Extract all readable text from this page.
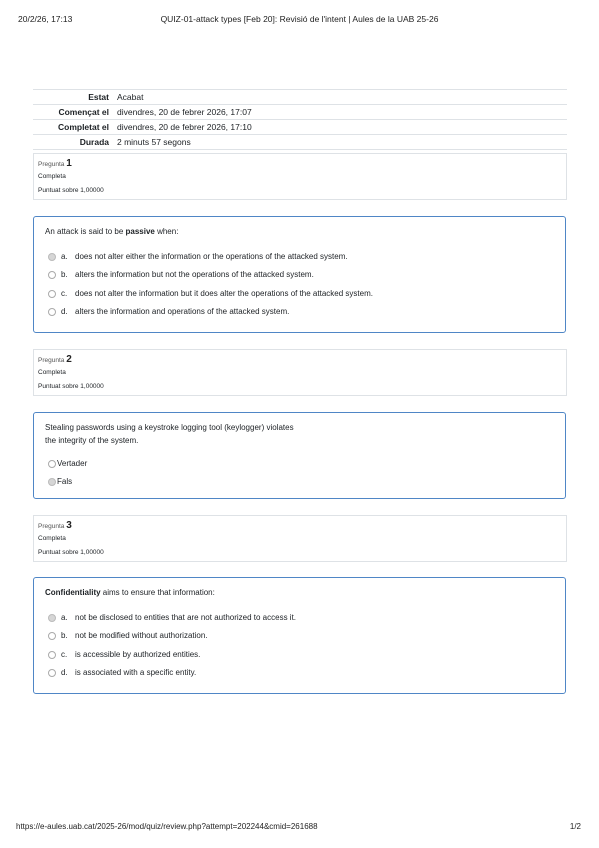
20/2/26, 17:13	QUIZ-01-attack types [Feb 20]: Revisió de l'intent | Aules de la UAB 25-26
Estat	Acabat
Començat el	divendres, 20 de febrer 2026, 17:07
Completat el	divendres, 20 de febrer 2026, 17:10
Durada	2 minuts 57 segons
Pregunta 1
Completa
Puntuat sobre 1,00000
An attack is said to be passive when:
a. does not alter either the information or the operations of the attacked system.
b. alters the information but not the operations of the attacked system.
c. does not alter the information but it does alter the operations of the attacked system.
d. alters the information and operations of the attacked system.
Pregunta 2
Completa
Puntuat sobre 1,00000
Stealing passwords using a keystroke logging tool (keylogger) violates
the integrity of the system.
Vertader
Fals
Pregunta 3
Completa
Puntuat sobre 1,00000
Confidentiality aims to ensure that information:
a. not be disclosed to entities that are not authorized to access it.
b. not be modified without authorization.
c. is accessible by authorized entities.
d. is associated with a specific entity.
https://e-aules.uab.cat/2025-26/mod/quiz/review.php?attempt=202244&cmid=261688	1/2
